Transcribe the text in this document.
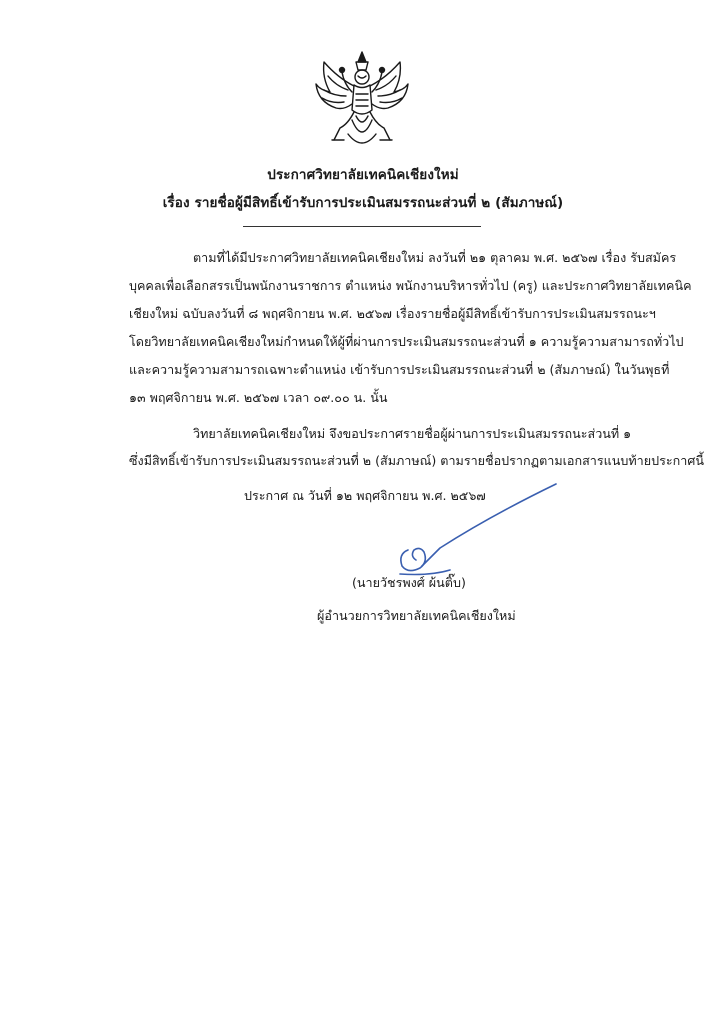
ประกาศวิทยาลัยเทคนิคเชียงใหม่
เรื่อง รายชื่อผู้มีสิทธิ์เข้ารับการประเมินสมรรถนะส่วนที่ ๒ (สัมภาษณ์)
ตามที่ได้มีประกาศวิทยาลัยเทคนิคเชียงใหม่ ลงวันที่ ๒๑ ตุลาคม พ.ศ. ๒๕๖๗ เรื่อง รับสมัคร
บุคคลเพื่อเลือกสรรเป็นพนักงานราชการ ตำแหน่ง พนักงานบริหารทั่วไป (ครู) และประกาศวิทยาลัยเทคนิค
เชียงใหม่ ฉบับลงวันที่ ๘ พฤศจิกายน พ.ศ. ๒๕๖๗ เรื่องรายชื่อผู้มีสิทธิ์เข้ารับการประเมินสมรรถนะฯ
โดยวิทยาลัยเทคนิคเชียงใหม่กำหนดให้ผู้ที่ผ่านการประเมินสมรรถนะส่วนที่ ๑ ความรู้ความสามารถทั่วไป
และความรู้ความสามารถเฉพาะตำแหน่ง เข้ารับการประเมินสมรรถนะส่วนที่ ๒ (สัมภาษณ์) ในวันพุธที่
๑๓ พฤศจิกายน พ.ศ. ๒๕๖๗ เวลา ๐๙.๐๐ น. นั้น
วิทยาลัยเทคนิคเชียงใหม่ จึงขอประกาศรายชื่อผู้ผ่านการประเมินสมรรถนะส่วนที่ ๑
ซึ่งมีสิทธิ์เข้ารับการประเมินสมรรถนะส่วนที่ ๒ (สัมภาษณ์) ตามรายชื่อปรากฏตามเอกสารแนบท้ายประกาศนี้
ประกาศ ณ วันที่ ๑๒ พฤศจิกายน พ.ศ. ๒๕๖๗
(นายวัชรพงศ์ ผ้นติ๊บ)
ผู้อำนวยการวิทยาลัยเทคนิคเชียงใหม่
